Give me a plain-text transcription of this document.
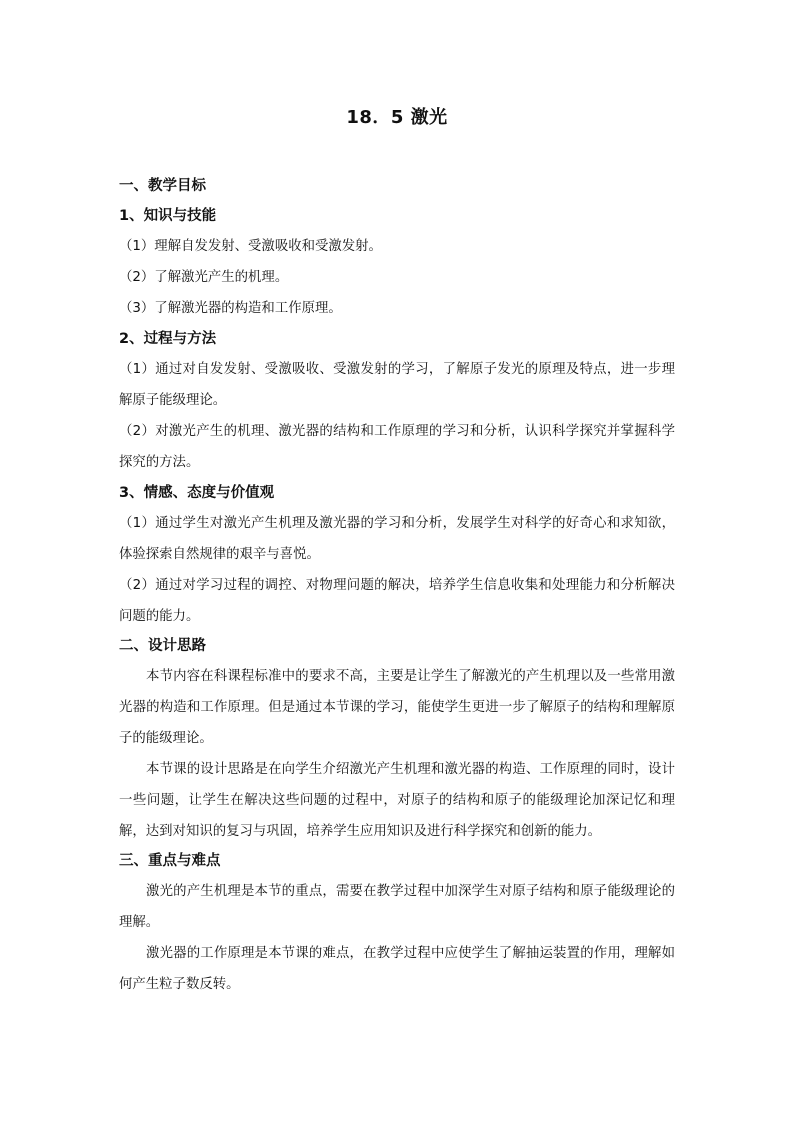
18．5 激光
一、教学目标
1、知识与技能
（1）理解自发发射、受激吸收和受激发射。
（2）了解激光产生的机理。
（3）了解激光器的构造和工作原理。
2、过程与方法
（1）通过对自发发射、受激吸收、受激发射的学习，了解原子发光的原理及特点，进一步理解原子能级理论。
（2）对激光产生的机理、激光器的结构和工作原理的学习和分析，认识科学探究并掌握科学探究的方法。
3、情感、态度与价值观
（1）通过学生对激光产生机理及激光器的学习和分析，发展学生对科学的好奇心和求知欲，体验探索自然规律的艰辛与喜悦。
（2）通过对学习过程的调控、对物理问题的解决，培养学生信息收集和处理能力和分析解决问题的能力。
二、设计思路
本节内容在科课程标准中的要求不高，主要是让学生了解激光的产生机理以及一些常用激光器的构造和工作原理。但是通过本节课的学习，能使学生更进一步了解原子的结构和理解原子的能级理论。
本节课的设计思路是在向学生介绍激光产生机理和激光器的构造、工作原理的同时，设计一些问题，让学生在解决这些问题的过程中，对原子的结构和原子的能级理论加深记忆和理解，达到对知识的复习与巩固，培养学生应用知识及进行科学探究和创新的能力。
三、重点与难点
激光的产生机理是本节的重点，需要在教学过程中加深学生对原子结构和原子能级理论的理解。
激光器的工作原理是本节课的难点，在教学过程中应使学生了解抽运装置的作用，理解如何产生粒子数反转。
